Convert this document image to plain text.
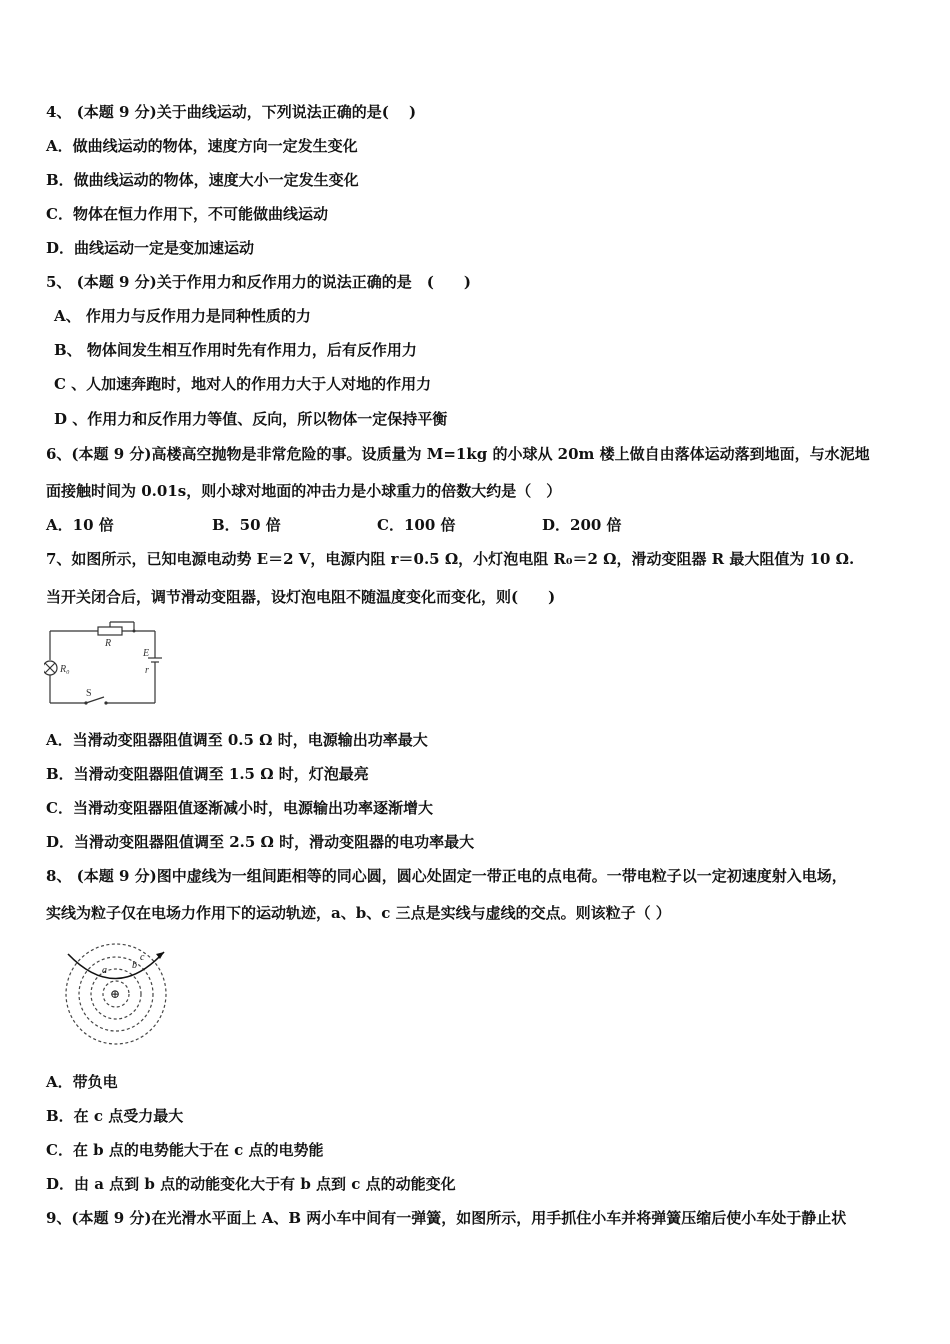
4、 (本题 9 分)关于曲线运动，下列说法正确的是(　 )
A．做曲线运动的物体，速度方向一定发生变化
B．做曲线运动的物体，速度大小一定发生变化
C．物体在恒力作用下，不可能做曲线运动
D．曲线运动一定是变加速运动
5、 (本题 9 分)关于作用力和反作用力的说法正确的是　(　　)
A、 作用力与反作用力是同种性质的力
B、 物体间发生相互作用时先有作用力，后有反作用力
C 、人加速奔跑时，地对人的作用力大于人对地的作用力
D 、作用力和反作用力等值、反向，所以物体一定保持平衡
6、(本题 9 分)高楼高空抛物是非常危险的事。设质量为 M=1kg 的小球从 20m 楼上做自由落体运动落到地面，与水泥地
面接触时间为 0.01s，则小球对地面的冲击力是小球重力的倍数大约是（　）
A．10 倍	B．50 倍	C．100 倍	D．200 倍
7、如图所示，已知电源电动势 E＝2 V，电源内阻 r＝0.5 Ω，小灯泡电阻 R₀＝2 Ω，滑动变阻器 R 最大阻值为 10 Ω.
当开关闭合后，调节滑动变阻器，设灯泡电阻不随温度变化而变化，则(　　)
R
R₀
E
r
S
A．当滑动变阻器阻值调至 0.5 Ω 时，电源输出功率最大
B．当滑动变阻器阻值调至 1.5 Ω 时，灯泡最亮
C．当滑动变阻器阻值逐渐减小时，电源输出功率逐渐增大
D．当滑动变阻器阻值调至 2.5 Ω 时，滑动变阻器的电功率最大
8、 (本题 9 分)图中虚线为一组间距相等的同心圆，圆心处固定一带正电的点电荷。一带电粒子以一定初速度射入电场，
实线为粒子仅在电场力作用下的运动轨迹，a、b、c 三点是实线与虚线的交点。则该粒子（ ）
⊕
a	b
c
A．带负电
B．在 c 点受力最大
C．在 b 点的电势能大于在 c 点的电势能
D．由 a 点到 b 点的动能变化大于有 b 点到 c 点的动能变化
9、(本题 9 分)在光滑水平面上 A、B 两小车中间有一弹簧，如图所示，用手抓住小车并将弹簧压缩后使小车处于静止状
